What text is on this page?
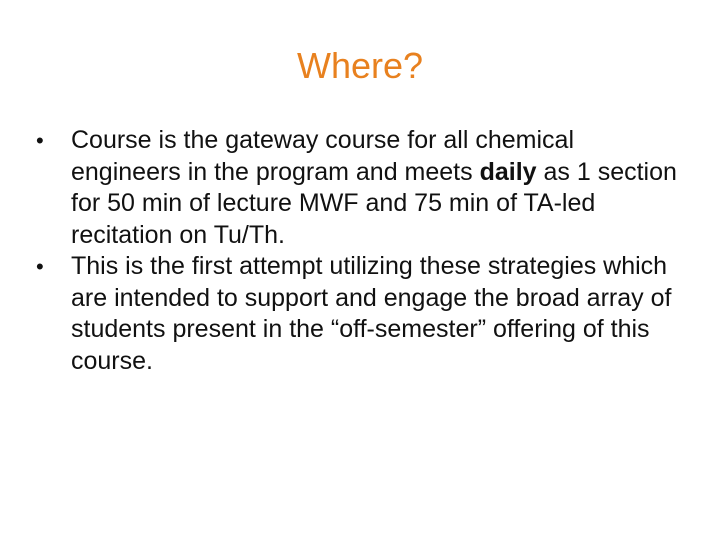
Where?
•	Course is the gateway course for all chemical engineers in the program and meets daily as 1 section for 50 min of lecture MWF and 75 min of TA-led recitation on Tu/Th.
•	This is the first attempt utilizing these strategies which are intended to support and engage the broad array of students present in the “off-semester” offering of this course.
